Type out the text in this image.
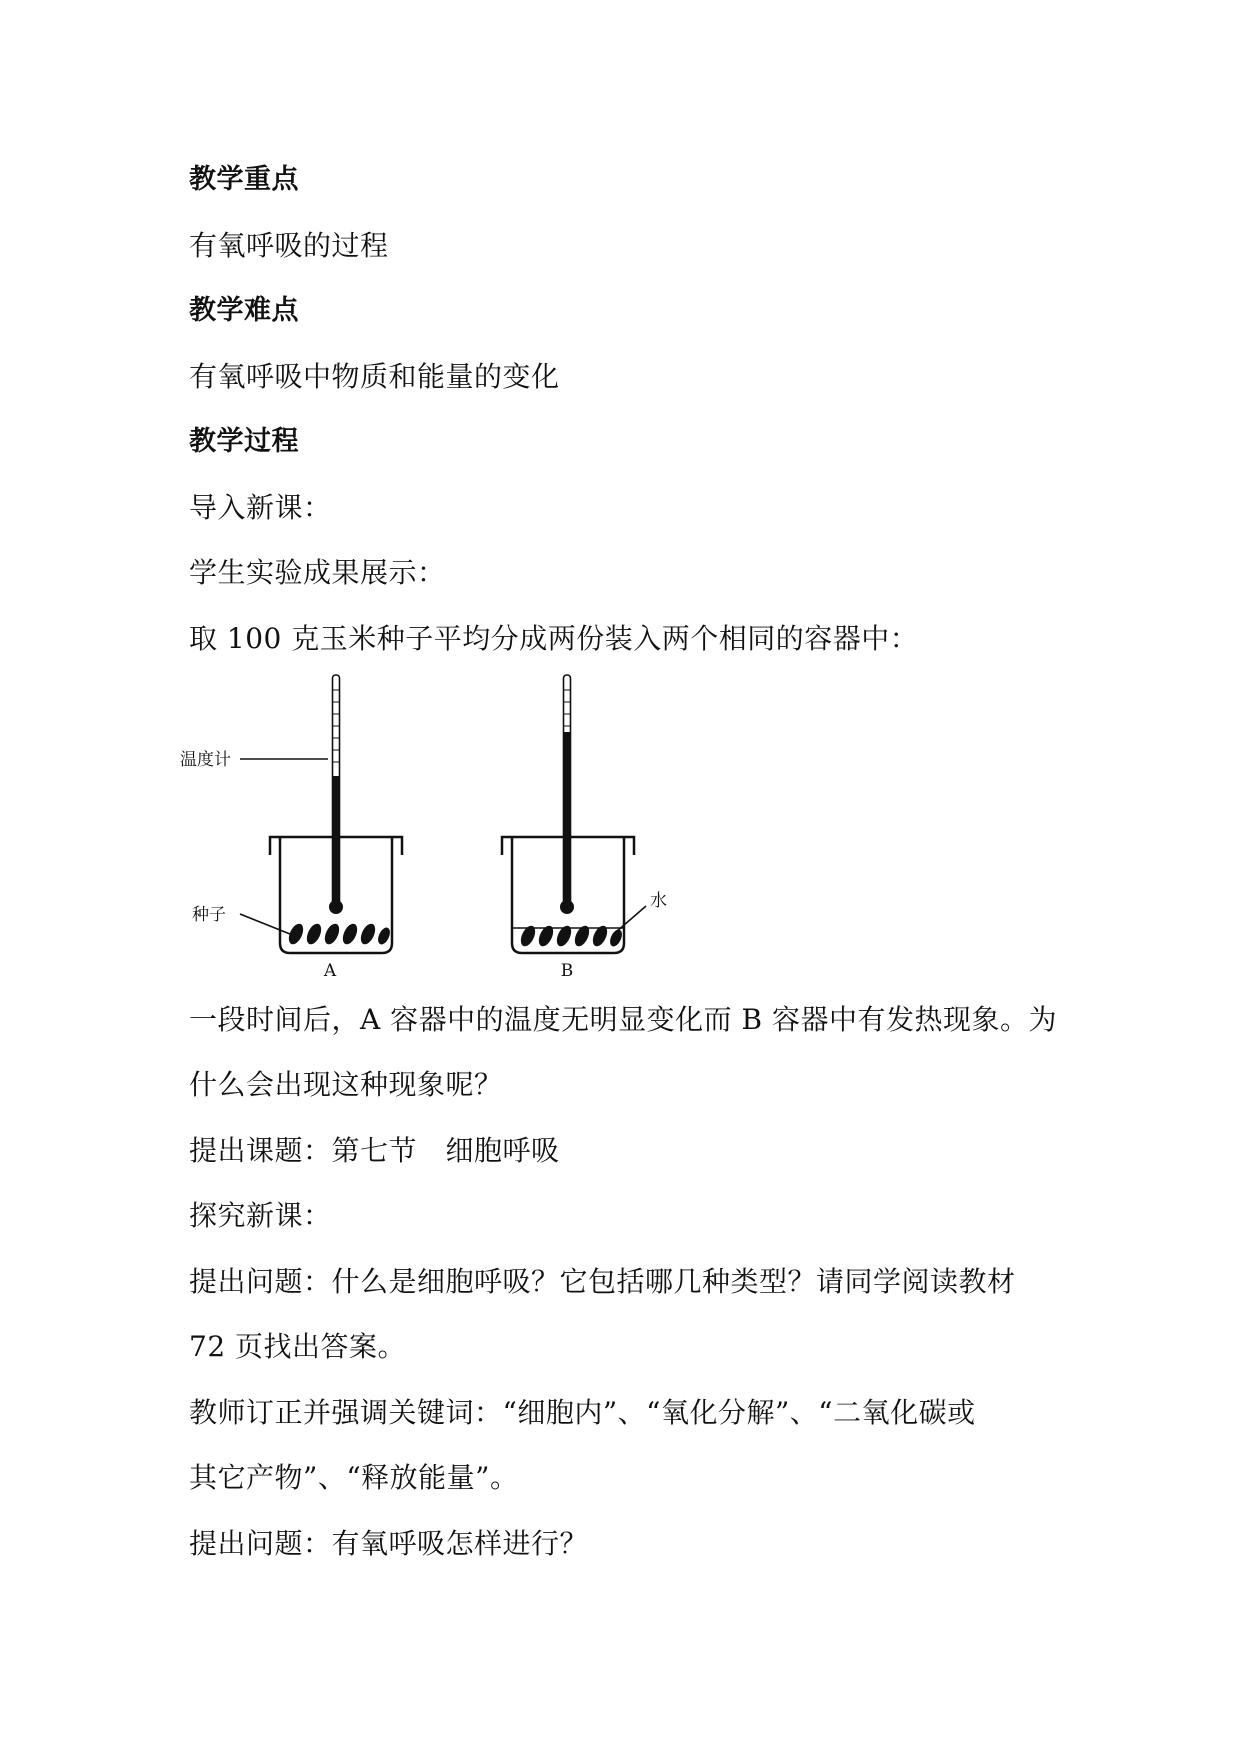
教学重点
有氧呼吸的过程
教学难点
有氧呼吸中物质和能量的变化
教学过程
导入新课：
学生实验成果展示：
取 100 克玉米种子平均分成两份装入两个相同的容器中：
温度计
种子
A
水
B
一段时间后，A 容器中的温度无明显变化而 B 容器中有发热现象。为
什么会出现这种现象呢？
提出课题：第七节　细胞呼吸
探究新课：
提出问题：什么是细胞呼吸？它包括哪几种类型？请同学阅读教材
72 页找出答案。
教师订正并强调关键词：“细胞内”、“氧化分解”、“二氧化碳或
其它产物”、“释放能量”。
提出问题：有氧呼吸怎样进行？
